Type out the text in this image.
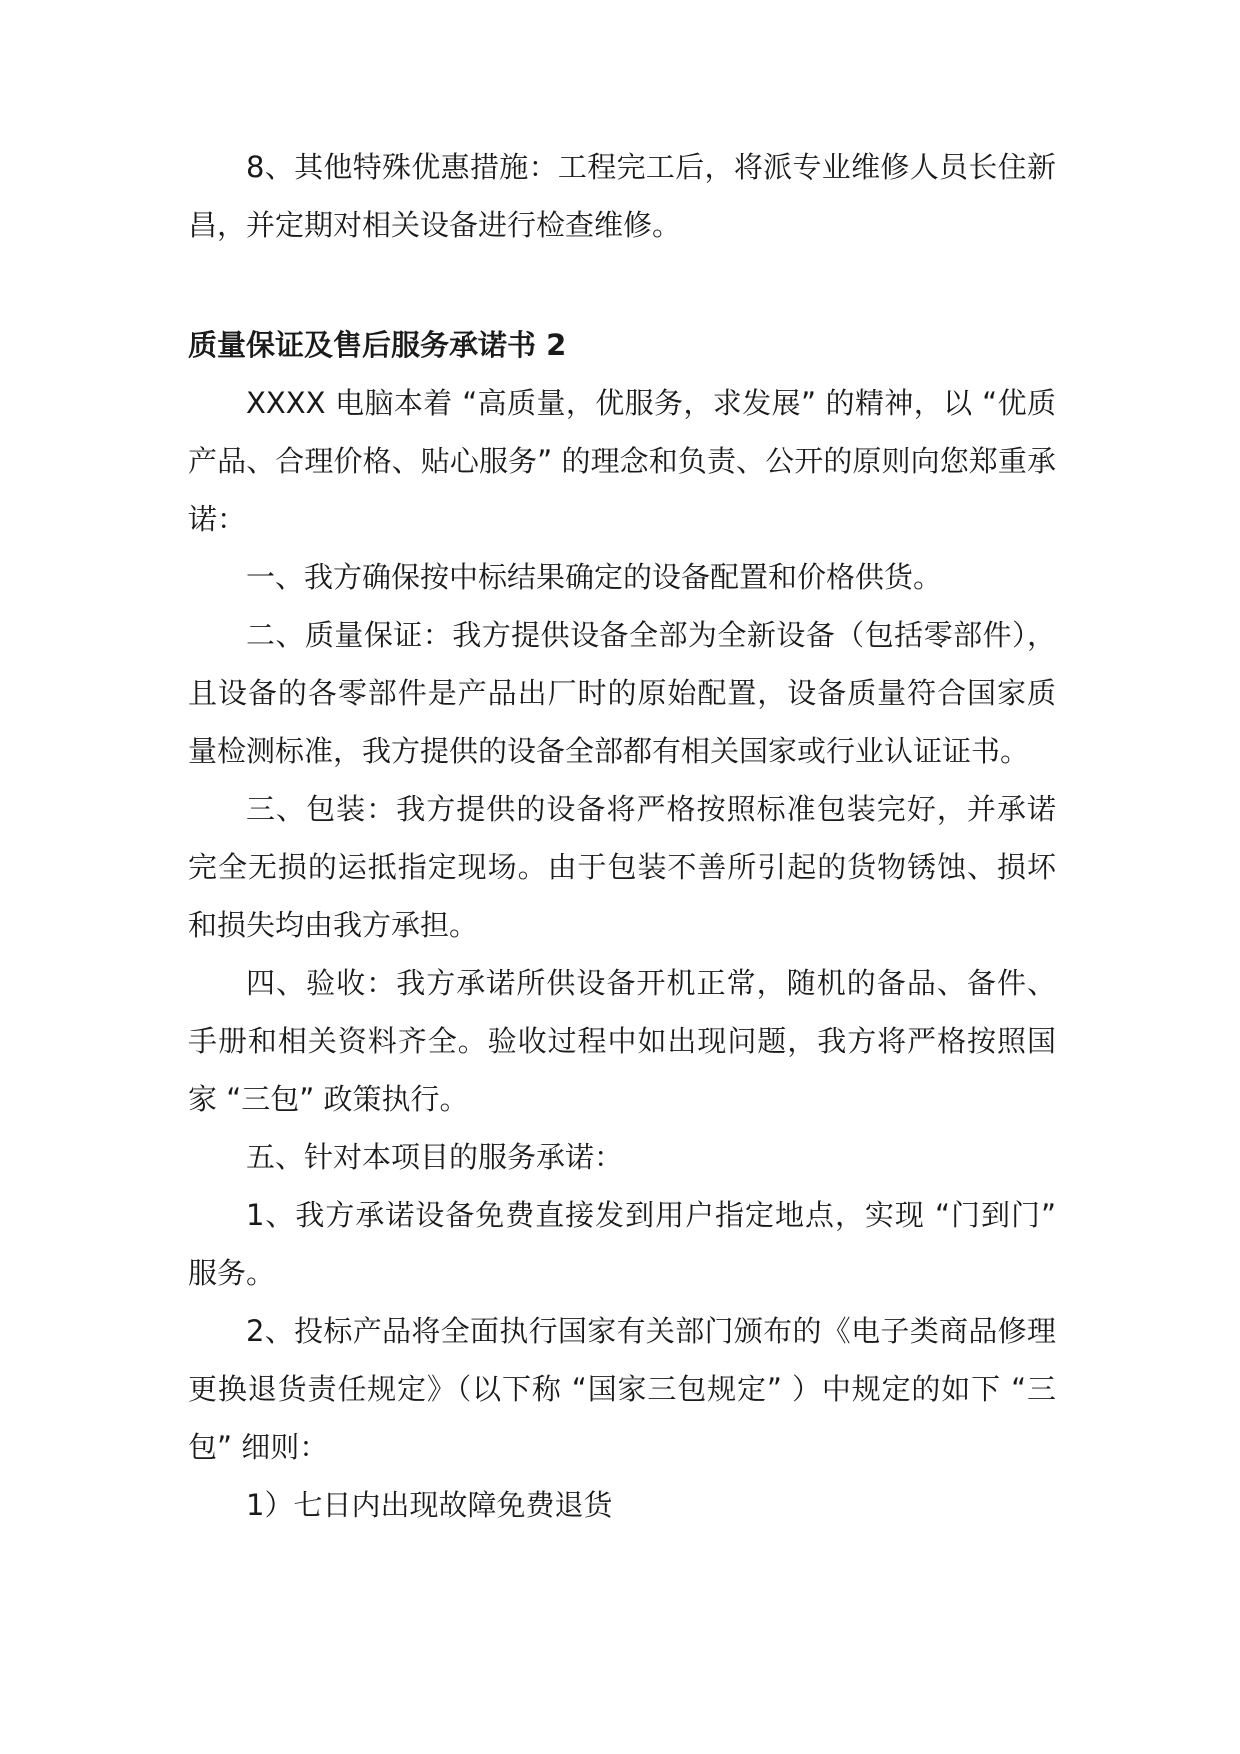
8、其他特殊优惠措施：工程完工后，将派专业维修人员长住新昌，并定期对相关设备进行检查维修。

质量保证及售后服务承诺书 2

XXXX 电脑本着 “高质量，优服务，求发展” 的精神，以 “优质产品、合理价格、贴心服务” 的理念和负责、公开的原则向您郑重承诺：

一、我方确保按中标结果确定的设备配置和价格供货。

二、质量保证：我方提供设备全部为全新设备（包括零部件），且设备的各零部件是产品出厂时的原始配置，设备质量符合国家质量检测标准，我方提供的设备全部都有相关国家或行业认证证书。

三、包装：我方提供的设备将严格按照标准包装完好，并承诺完全无损的运抵指定现场。由于包装不善所引起的货物锈蚀、损坏和损失均由我方承担。

四、验收：我方承诺所供设备开机正常，随机的备品、备件、手册和相关资料齐全。验收过程中如出现问题，我方将严格按照国家 “三包” 政策执行。

五、针对本项目的服务承诺：

1、我方承诺设备免费直接发到用户指定地点，实现 “门到门” 服务。

2、投标产品将全面执行国家有关部门颁布的《电子类商品修理更换退货责任规定》（以下称 “国家三包规定” ）中规定的如下 “三包” 细则：

1）七日内出现故障免费退货
